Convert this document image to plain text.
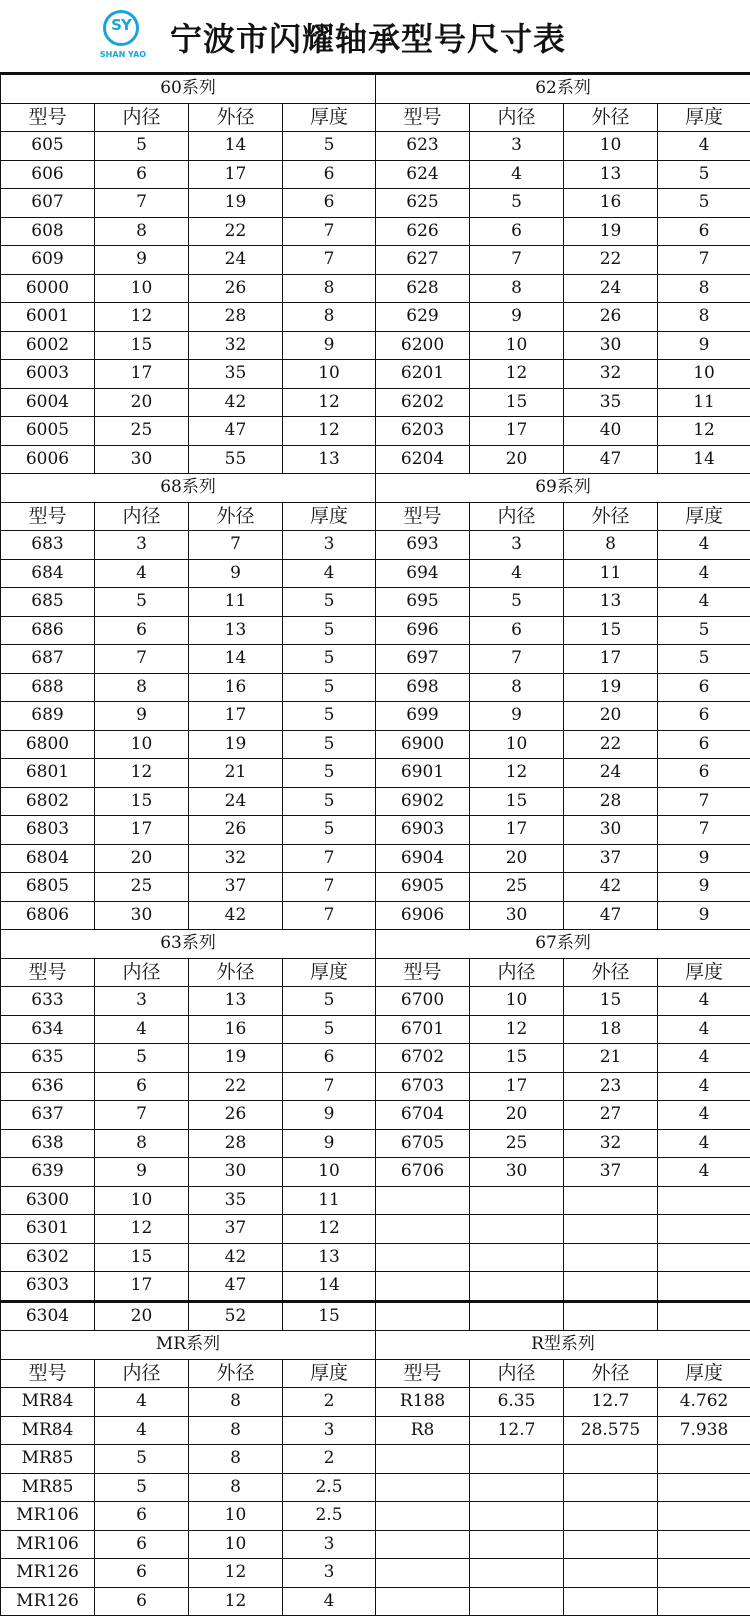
SY
SHAN YAO 宁波市闪耀轴承型号尺寸表
60系列				62系列			
型号	内径	外径	厚度	型号	内径	外径	厚度
605	5	14	5	623	3	10	4
606	6	17	6	624	4	13	5
607	7	19	6	625	5	16	5
608	8	22	7	626	6	19	6
609	9	24	7	627	7	22	7
6000	10	26	8	628	8	24	8
6001	12	28	8	629	9	26	8
6002	15	32	9	6200	10	30	9
6003	17	35	10	6201	12	32	10
6004	20	42	12	6202	15	35	11
6005	25	47	12	6203	17	40	12
6006	30	55	13	6204	20	47	14
68系列				69系列			
型号	内径	外径	厚度	型号	内径	外径	厚度
683	3	7	3	693	3	8	4
684	4	9	4	694	4	11	4
685	5	11	5	695	5	13	4
686	6	13	5	696	6	15	5
687	7	14	5	697	7	17	5
688	8	16	5	698	8	19	6
689	9	17	5	699	9	20	6
6800	10	19	5	6900	10	22	6
6801	12	21	5	6901	12	24	6
6802	15	24	5	6902	15	28	7
6803	17	26	5	6903	17	30	7
6804	20	32	7	6904	20	37	9
6805	25	37	7	6905	25	42	9
6806	30	42	7	6906	30	47	9
63系列				67系列			
型号	内径	外径	厚度	型号	内径	外径	厚度
633	3	13	5	6700	10	15	4
634	4	16	5	6701	12	18	4
635	5	19	6	6702	15	21	4
636	6	22	7	6703	17	23	4
637	7	26	9	6704	20	27	4
638	8	28	9	6705	25	32	4
639	9	30	10	6706	30	37	4
6300	10	35	11				
6301	12	37	12				
6302	15	42	13				
6303	17	47	14				
6304	20	52	15				
MR系列				R型系列			
型号	内径	外径	厚度	型号	内径	外径	厚度
MR84	4	8	2	R188	6.35	12.7	4.762
MR84	4	8	3	R8	12.7	28.575	7.938
MR85	5	8	2				
MR85	5	8	2.5				
MR106	6	10	2.5				
MR106	6	10	3				
MR126	6	12	3				
MR126	6	12	4				
